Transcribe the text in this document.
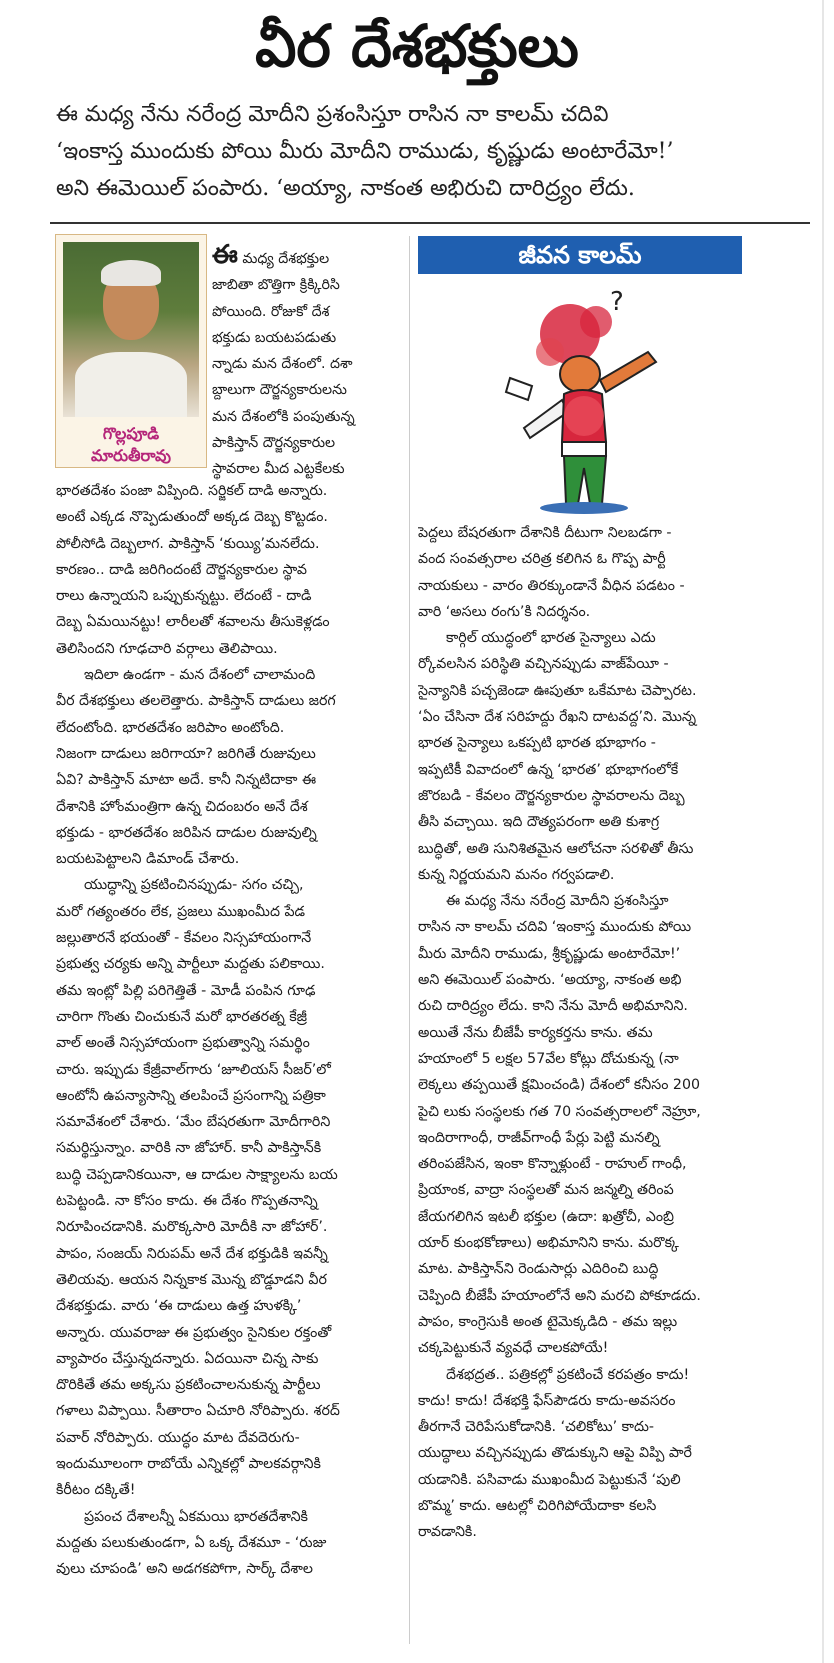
వీర దేశభక్తులు
ఈ మధ్య నేను నరేంద్ర మోదీని ప్రశంసిస్తూ రాసిన నా కాలమ్ చదివి
‘ఇంకాస్త ముందుకు పోయి మీరు మోదీని రాముడు, కృష్ణుడు అంటారేమో!’
అని ఈమెయిల్ పంపారు. ‘అయ్యా, నాకంత అభిరుచి దారిద్ర్యం లేదు.
గొల్లపూడి
మారుతీరావు
ఈ మధ్య దేశభక్తుల
జాబితా బొత్తిగా క్రిక్కిరిసి
పోయింది. రోజుకో దేశ
భక్తుడు బయటపడుతు
న్నాడు మన దేశంలో. దశా
బ్దాలుగా దౌర్జన్యకారులను
మన దేశంలోకి పంపుతున్న
పాకిస్తాన్ దౌర్జన్యకారుల
స్థావరాల మీద ఎట్టకేలకు
భారతదేశం పంజా విప్పింది. సర్జికల్ దాడి అన్నారు.
అంటే ఎక్కడ నొప్పెడుతుందో అక్కడ దెబ్బ కొట్టడం.
పోలీసోడి దెబ్బలాగ. పాకిస్తాన్ ‘కుయ్యి’మనలేదు.
కారణం.. దాడి జరిగిందంటే దౌర్జన్యకారుల స్థావ
రాలు ఉన్నాయని ఒప్పుకున్నట్టు. లేదంటే - దాడి
దెబ్బ ఏమయినట్టు! లారీలతో శవాలను తీసుకెళ్లడం
తెలిసిందని గూఢచారి వర్గాలు తెలిపాయి.
ఇదిలా ఉండగా - మన దేశంలో చాలామంది
వీర దేశభక్తులు తలలెత్తారు. పాకిస్తాన్ దాడులు జరగ
లేదంటోంది. భారతదేశం జరిపాం అంటోంది.
నిజంగా దాడులు జరిగాయా? జరిగితే రుజువులు
ఏవి? పాకిస్తాన్ మాటా అదే. కానీ నిన్నటిదాకా ఈ
దేశానికి హోంమంత్రిగా ఉన్న చిదంబరం అనే దేశ
భక్తుడు - భారతదేశం జరిపిన దాడుల రుజువుల్ని
బయటపెట్టాలని డిమాండ్ చేశారు.
యుద్ధాన్ని ప్రకటించినప్పుడు- సగం చచ్చి,
మరో గత్యంతరం లేక, ప్రజలు ముఖంమీద పేడ
జల్లుతారనే భయంతో - కేవలం నిస్సహాయంగానే
ప్రభుత్వ చర్యకు అన్ని పార్టీలూ మద్దతు పలికాయి.
తమ ఇంట్లో పిల్లి పరిగెత్తితే - మోడీ పంపిన గూఢ
చారిగా గొంతు చించుకునే మరో భారతరత్న కేజ్రీ
వాల్ అంతే నిస్సహాయంగా ప్రభుత్వాన్ని సమర్థిం
చారు. ఇప్పుడు కేజ్రీవాల్‌గారు ‘జూలియస్ సీజర్’లో
ఆంటోనీ ఉపన్యాసాన్ని తలపించే ప్రసంగాన్ని పత్రికా
సమావేశంలో చేశారు. ‘మేం బేషరతుగా మోదీగారిని
సమర్థిస్తున్నాం. వారికి నా జోహార్. కానీ పాకిస్తాన్‌కి
బుద్ధి చెప్పడానికయినా, ఆ దాడుల సాక్ష్యాలను బయ
టపెట్టండి. నా కోసం కాదు. ఈ దేశం గొప్పతనాన్ని
నిరూపించడానికి. మరొక్కసారి మోదీకి నా జోహార్’.
పాపం, సంజయ్ నిరుపమ్ అనే దేశ భక్తుడికి ఇవన్నీ
తెలియవు. ఆయన నిన్నకాక మొన్న బొడ్డూడని వీర
దేశభక్తుడు. వారు ‘ఈ దాడులు ఉత్త హుళక్కి’
అన్నారు. యువరాజు ఈ ప్రభుత్వం సైనికుల రక్తంతో
వ్యాపారం చేస్తున్నదన్నారు. ఏదయినా చిన్న సాకు
దొరికితే తమ అక్కసు ప్రకటించాలనుకున్న పార్టీలు
గళాలు విప్పాయి. సీతారాం ఏచూరి నోరిప్పారు. శరద్
పవార్ నోరిప్పారు. యుద్ధం మాట దేవదెరుగు-
ఇందుమూలంగా రాబోయే ఎన్నికల్లో పాలకవర్గానికి
కిరీటం దక్కితే!
ప్రపంచ దేశాలన్నీ ఏకమయి భారతదేశానికి
మద్దతు పలుకుతుండగా, ఏ ఒక్క దేశమూ - ‘రుజు
వులు చూపండి’ అని అడగకపోగా, సార్క్ దేశాల
జీవన కాలమ్
?
పెద్దలు బేషరతుగా దేశానికి దీటుగా నిలబడగా -
వంద సంవత్సరాల చరిత్ర కలిగిన ఓ గొప్ప పార్టీ
నాయకులు - వారం తిరక్కుండానే వీధిన పడటం -
వారి ‘అసలు రంగు’కి నిదర్శనం.
కార్గిల్ యుద్ధంలో భారత సైన్యాలు ఎదు
ర్కోవలసిన పరిస్థితి వచ్చినప్పుడు వాజ్‌పేయీ -
సైన్యానికి పచ్చజెండా ఊపుతూ ఒకేమాట చెప్పారట.
‘ఏం చేసినా దేశ సరిహద్దు రేఖని దాటవద్ద’ని. మొన్న
భారత సైన్యాలు ఒకప్పటి భారత భూభాగం -
ఇప్పటికీ వివాదంలో ఉన్న ‘భారత’ భూభాగంలోకే
జొరబడి - కేవలం దౌర్జన్యకారుల స్థావరాలను దెబ్బ
తీసి వచ్చాయి. ఇది దౌత్యపరంగా అతి కుశాగ్ర
బుద్ధితో, అతి సునిశితమైన ఆలోచనా సరళితో తీసు
కున్న నిర్ణయమని మనం గర్వపడాలి.
ఈ మధ్య నేను నరేంద్ర మోదీని ప్రశంసిస్తూ
రాసిన నా కాలమ్ చదివి ‘ఇంకాస్త ముందుకు పోయి
మీరు మోదీని రాముడు, శ్రీకృష్ణుడు అంటారేమో!’
అని ఈమెయిల్ పంపారు. ‘అయ్యా, నాకంత అభి
రుచి దారిద్ర్యం లేదు. కాని నేను మోదీ అభిమానిని.
అయితే నేను బీజేపీ కార్యకర్తను కాను. తమ
హయాంలో 5 లక్షల 57వేల కోట్లు దోచుకున్న (నా
లెక్కలు తప్పయితే క్షమించండి) దేశంలో కనీసం 200
పైచి లుకు సంస్థలకు గత 70 సంవత్సరాలలో నెహ్రూ,
ఇందిరాగాంధీ, రాజీవ్‌గాంధీ పేర్లు పెట్టి మనల్ని
తరింపజేసిన, ఇంకా కొన్నాళ్లుంటే - రాహుల్ గాంధీ,
ప్రియాంక, వాద్రా సంస్థలతో మన జన్మల్ని తరింప
జేయగలిగిన ఇటలీ భక్తుల (ఉదా: ఖత్రోచీ, ఎంబ్రి
యార్ కుంభకోణాలు) అభిమానిని కాను. మరొక్క
మాట. పాకిస్తాన్‌ని రెండుసార్లు ఎదిరించి బుద్ధి
చెప్పింది బీజేపీ హయాంలోనే అని మరచి పోకూడదు.
పాపం, కాంగ్రెసుకి అంత టైమెక్కడిది - తమ ఇల్లు
చక్కపెట్టుకునే వ్యవధే చాలకపోయే!
దేశభద్రత.. పత్రికల్లో ప్రకటించే కరపత్రం కాదు!
కాదు! కాదు! దేశభక్తి ఫేస్‌పౌడరు కాదు-అవసరం
తీరగానే చెరిపేసుకోడానికి. ‘చలికోటు’ కాదు-
యుద్ధాలు వచ్చినప్పుడు తొడుక్కుని ఆపై విప్పి పారే
యడానికి. పసివాడు ముఖంమీద పెట్టుకునే ‘పులి
బొమ్మ’ కాదు. ఆటల్లో చిరిగిపోయేదాకా కలసి
రావడానికి.
